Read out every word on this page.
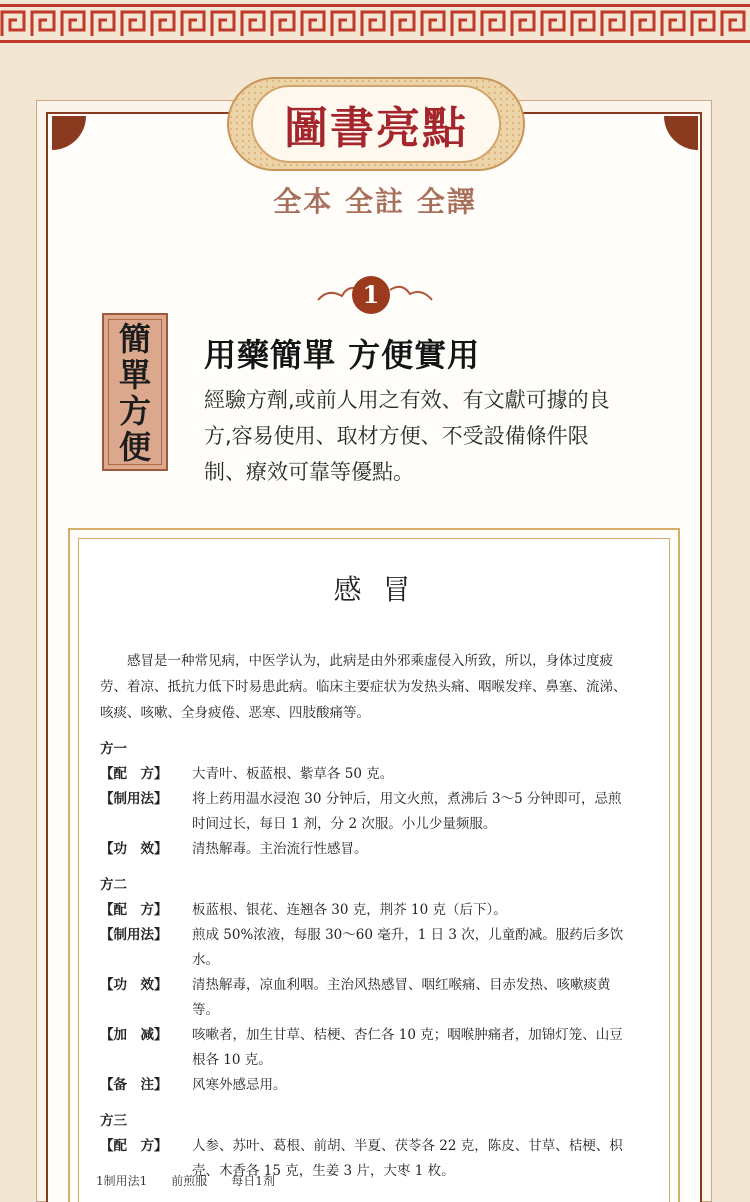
圖書亮點
全本 全註 全譯
1
簡單方便
用藥簡單 方便實用
經驗方劑,或前人用之有效、有文獻可據的良方,容易使用、取材方便、不受設備條件限制、療效可靠等優點。
感 冒
感冒是一种常见病，中医学认为，此病是由外邪乘虚侵入所致，所以，身体过度疲劳、着凉、抵抗力低下时易患此病。临床主要症状为发热头痛、咽喉发痒、鼻塞、流涕、咳痰、咳嗽、全身疲倦、恶寒、四肢酸痛等。
方一
【配　方】	大青叶、板蓝根、紫草各 50 克。
【制用法】	将上药用温水浸泡 30 分钟后，用文火煎，煮沸后 3～5 分钟即可，忌煎时间过长，每日 1 剂，分 2 次服。小儿少量频服。
【功　效】	清热解毒。主治流行性感冒。
方二
【配　方】	板蓝根、银花、连翘各 30 克，荆芥 10 克（后下）。
【制用法】	煎成 50%浓液，每服 30～60 毫升，1 日 3 次，儿童酌减。服药后多饮水。
【功　效】	清热解毒，凉血利咽。主治风热感冒、咽红喉痛、目赤发热、咳嗽痰黄等。
【加　减】	咳嗽者，加生甘草、桔梗、杏仁各 10 克；咽喉肿痛者，加锦灯笼、山豆根各 10 克。
【备　注】	风寒外感忌用。
方三
【配　方】	人参、苏叶、葛根、前胡、半夏、茯苓各 22 克，陈皮、甘草、桔梗、枳壳、木香各 15 克，生姜 3 片，大枣 1 枚。
1制用法1　　前煎服　　每日1剂
